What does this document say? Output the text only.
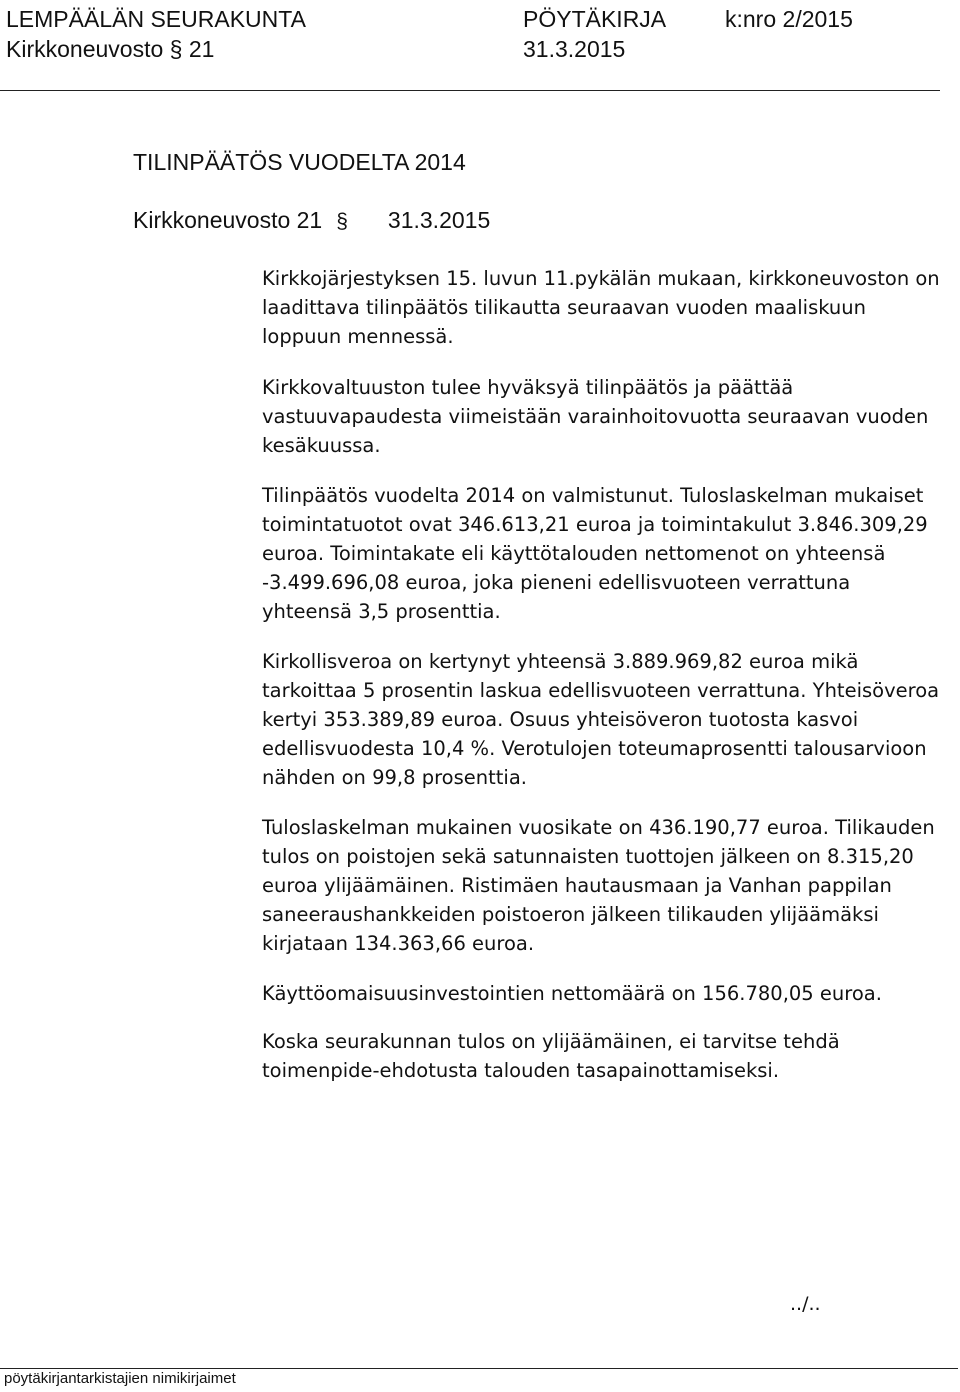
LEMPÄÄLÄN SEURAKUNTA	PÖYTÄKIRJA	k:nro 2/2015
Kirkkoneuvosto § 21	31.3.2015
TILINPÄÄTÖS VUODELTA 2014
Kirkkoneuvosto 21 § 31.3.2015

Kirkkojärjestyksen 15. luvun 11.pykälän mukaan, kirkkoneuvoston on laadittava tilinpäätös tilikautta seuraavan vuoden maaliskuun loppuun mennessä.

Kirkkovaltuuston tulee hyväksyä tilinpäätös ja päättää vastuuvapaudesta viimeistään varainhoitovuotta seuraavan vuoden kesäkuussa.

Tilinpäätös vuodelta 2014 on valmistunut. Tuloslaskelman mukaiset toimintatuotot ovat 346.613,21 euroa ja toimintakulut 3.846.309,29 euroa. Toimintakate eli käyttötalouden nettomenot on yhteensä -3.499.696,08 euroa, joka pieneni edellisvuoteen verrattuna yhteensä 3,5 prosenttia.

Kirkollisveroa on kertynyt yhteensä 3.889.969,82 euroa mikä tarkoittaa 5 prosentin laskua edellisvuoteen verrattuna. Yhteisöveroa kertyi 353.389,89 euroa. Osuus yhteisöveron tuotosta kasvoi edellisvuodesta 10,4 %. Verotulojen toteumaprosentti talousarvioon nähden on 99,8 prosenttia.

Tuloslaskelman mukainen vuosikate on 436.190,77 euroa. Tilikauden tulos on poistojen sekä satunnaisten tuottojen jälkeen on 8.315,20 euroa ylijäämäinen. Ristimäen hautausmaan ja Vanhan pappilan saneeraushankkeiden poistoeron jälkeen tilikauden ylijäämäksi kirjataan 134.363,66 euroa.

Käyttöomaisuusinvestointien nettomäärä on 156.780,05 euroa.

Koska seurakunnan tulos on ylijäämäinen, ei tarvitse tehdä toimenpide-ehdotusta talouden tasapainottamiseksi.

../..
pöytäkirjantarkistajien nimikirjaimet
